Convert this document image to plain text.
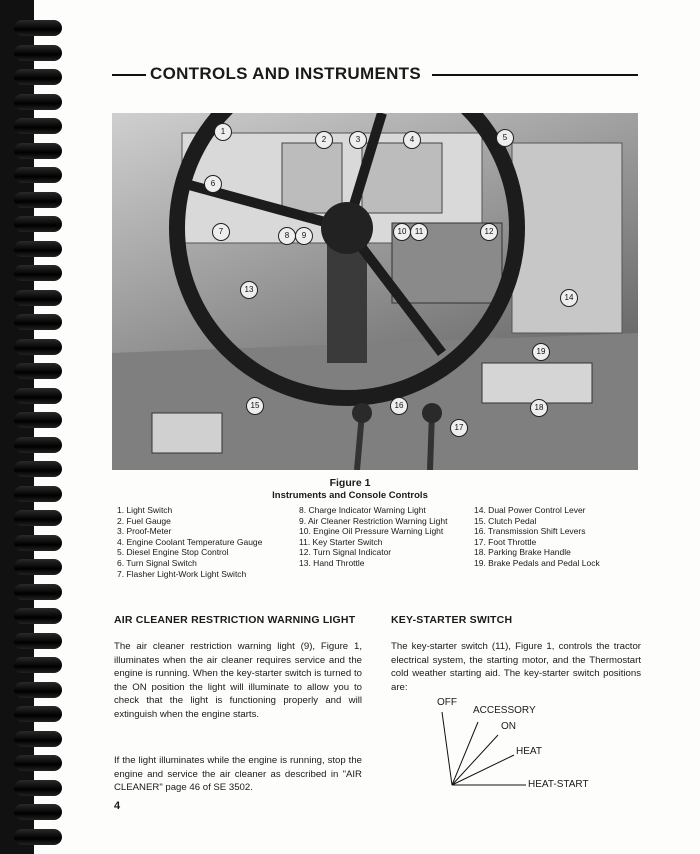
CONTROLS AND INSTRUMENTS
1
2	3	4	5
6
7	8	9	10	11	12
13
14
15	16
17
18
19
Figure 1
Instruments and Console Controls
1. Light Switch
2. Fuel Gauge
3. Proof-Meter
4. Engine Coolant Temperature Gauge
5. Diesel Engine Stop Control
6. Turn Signal Switch
7. Flasher Light-Work Light Switch
8. Charge Indicator Warning Light
9. Air Cleaner Restriction Warning Light
10. Engine Oil Pressure Warning Light
11. Key Starter Switch
12. Turn Signal Indicator
13. Hand Throttle
14. Dual Power Control Lever
15. Clutch Pedal
16. Transmission Shift Levers
17. Foot Throttle
18. Parking Brake Handle
19. Brake Pedals and Pedal Lock
AIR CLEANER RESTRICTION WARNING LIGHT
The air cleaner restriction warning light (9), Figure 1, illuminates when the air cleaner requires service and the engine is running. When the key-starter switch is turned to the ON position the light will illuminate to allow you to check that the light is functioning properly and will extinguish when the engine starts.
If the light illuminates while the engine is running, stop the engine and service the air cleaner as described in "AIR CLEANER" page 46 of SE 3502.
KEY-STARTER SWITCH
The key-starter switch (11), Figure 1, controls the tractor electrical system, the starting motor, and the Thermostart cold weather starting aid. The key-starter switch positions are:
OFF
ACCESSORY
ON
HEAT
HEAT-START
4
